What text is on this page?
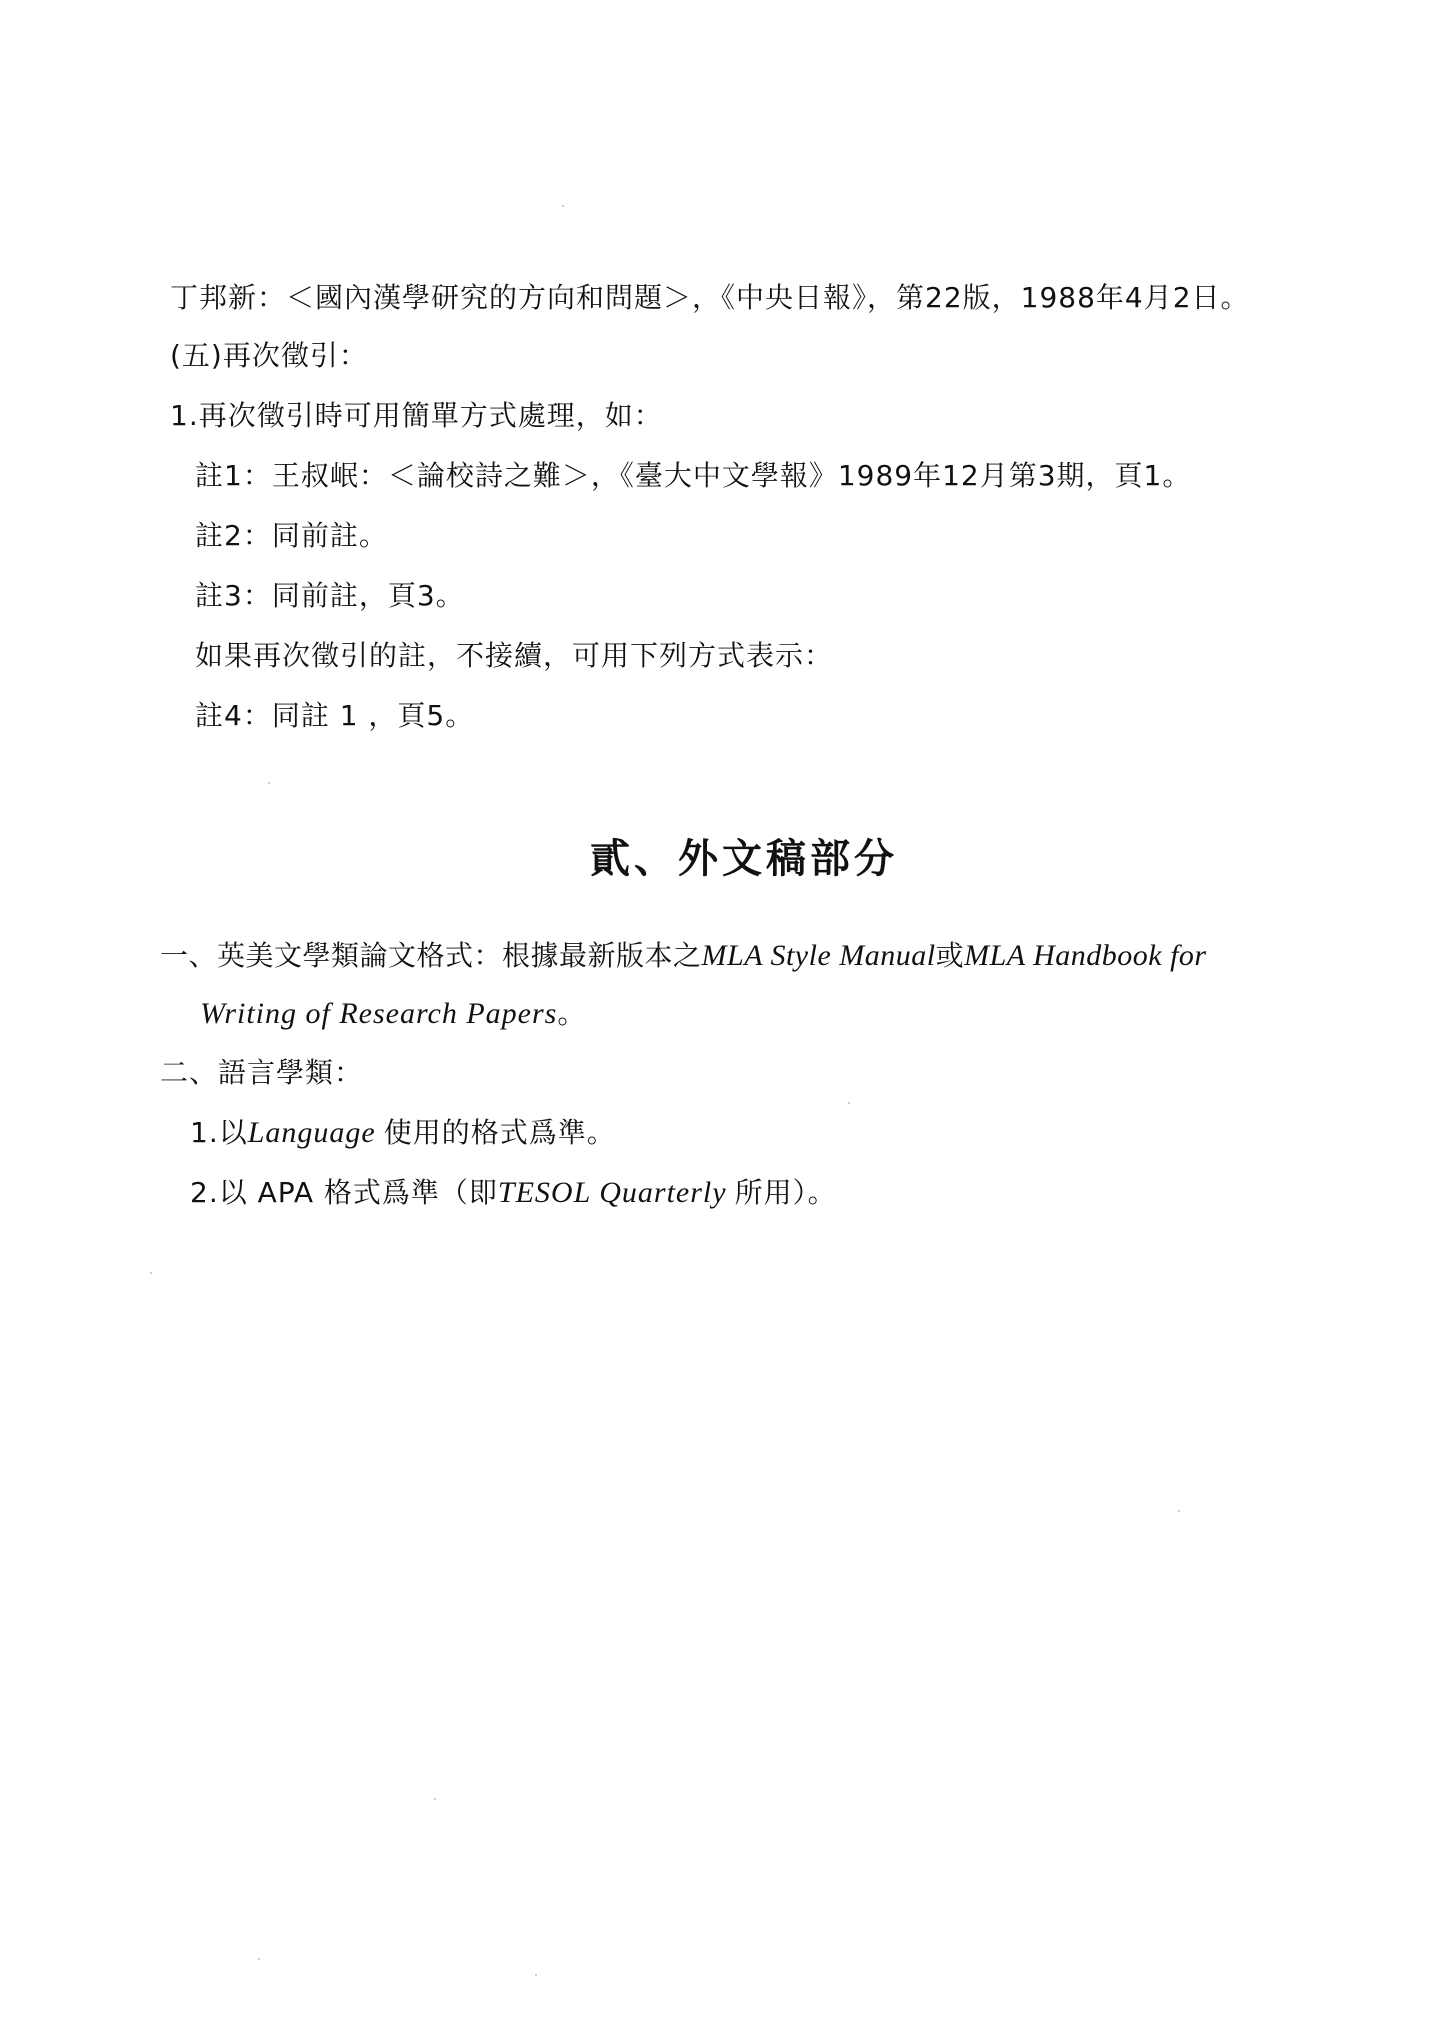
丁邦新：＜國內漢學研究的方向和問題＞，《中央日報》，第22版，1988年4月2日。
(五)再次徵引：
1.再次徵引時可用簡單方式處理，如：
註1：王叔岷：＜論校詩之難＞，《臺大中文學報》1989年12月第3期，頁1。
註2：同前註。
註3：同前註，頁3。
如果再次徵引的註，不接續，可用下列方式表示：
註4：同註 1 ，頁5。
貳、外文稿部分
一、英美文學類論文格式：根據最新版本之MLA Style Manual或MLA Handbook for
Writing of Research Papers。
二、語言學類：
1.以Language 使用的格式爲準。
2.以 APA 格式爲準（即TESOL Quarterly 所用）。
